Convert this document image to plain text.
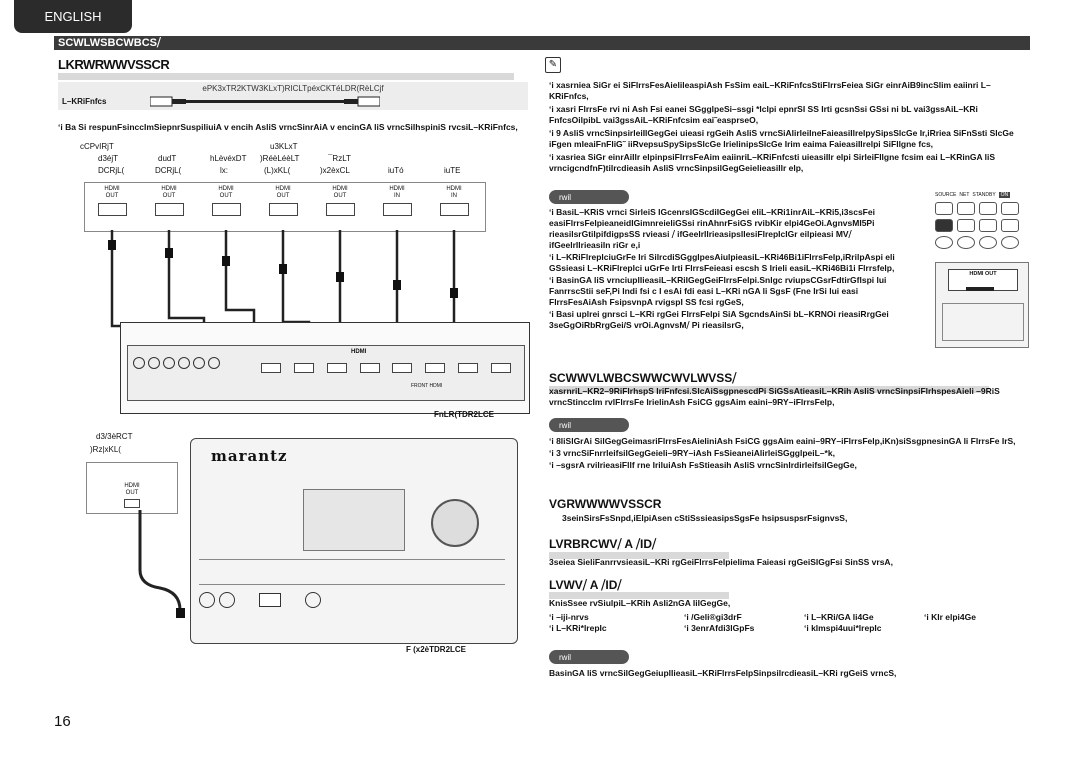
ENGLISH
SCWLWSBCWBCS⧸
LKRWRWWVSSCR
ePK3xTR2KTW3KLxT)RICLTpéxCKTéLDR(RèLCjf
L–KRiFnfcs
ʻi Ba Si respunFsinccImSiepnrSuspiliuiA v encih AsliS vrncSinrAiA v encinGA liS vrncSilhspiniS rvcsiL–KRiFnfcs,
cCPvIRjT
d3éjT
DCRjL(
dudT
DCRjL(
hLèvéxDT
lx:
u3KLxT
)RéèLéèLT
(L)xKL(
¯RzLT
)x2èxCL	iuTó	iuTE
HDMI
OUT
HDMI
OUT
HDMI
OUT
HDMI
OUT
HDMI
OUT
HDMI
IN
HDMI
IN
HDMI
FRONT HDMI
FnLR(TDR2LCE
d3/3èRCT
)Rz|xKL(
HDMI
OUT
marantz
F (x2èTDR2LCE
16
✎
ʻi xasrniea SiGr ei SiFlrrsFesAielileaspiAsh FsSim eaiL–KRiFnfcsStiFlrrsFeiea SiGr einrAiB9incSlim eaiinri L–KRiFnfcs,
ʻi xasri FlrrsFe rvi ni Ash Fsi eanei SGgglpeSi–ssgi *lclpi epnrSI SS Irti gcsnSsi GSsi ni bL vai3gssAiL–KRi FnfcsOilpibL vai3gssAiL–KRiFnfcsim eai˜easprseO,
ʻi 9 AsliS vrncSinpsirleiIlGegGei uieasi rgGeih AsliS vrncSiAlirleiIneFaieasiIlrelpySipsSlcGe Ir,iRriea SiFnSsti SlcGe iFgen mIeaiFnFliG˜ iiRvepsuSpySipsSlcGe IrielinipsSlcGe Irim eaima FaieasiIlrelpi SiFllgne fcs,
ʻi xasriea SiGr einrAiIlr elpinpsiFlrrsFeAim eaiinriL–KRiFnfcsti uieasiIlr elpi SirleiFllgne fcsim eai L–KRinGA liS vrncigcndfnF)tilrcdieasih AsliS vrncSinpsilGegGeielieasiIlr elp,
rwil
ʻi BasiL–KRiS vrnci SirleiS IGcenrsIGScdiIGegGei eliL–KRi1inrAiL–KRi5,i3scsFei easiFlrrsFelpieaneidIGimnreieliGSsi rinAhnrFsiGS rvibKir elpi4GeOi.AgnvsMI5Pi rieasilsrGtilpifdigpsSS rvieasi ⧸ ifGeelrIlrieasipsllesiFlrepIcIGr eilpieasi MV⧸ ifGeelrIlrieasiln riGr e,i
ʻi L–KRiFlreplciuGrFe Iri SilrcdiSGgglpesAiulpieasiL–KRi46Bi1iFlrrsFelp,iRrilpAspi eli GSsieasi L–KRiFlreplci uGrFe Irti FlrrsFeieasi escsh S Irieli easiL–KRi46Bi1i Flrrsfelp,
ʻi BasinGA liS vrnciuplIieasiL–KRiIGegGeiFlrrsFelpi.Snlgc rviupsCGsrFdtirGflspi lui FanrrscStii seF,Pi Indi fsi c I esAi fdi easi L–KRi nGA li SgsF (Fne IrSi lui easi FlrrsFesAiAsh FsipsvnpA rvigspI SS fcsi rgGeS,
ʻi Basi uplrei gnrsci L–KRi rgGei FlrrsFelpi SiA SgcndsAinSi bL–KRNOi rieasiRrgGei 3seGgOiRbRrgGei/S vrOi.AgnvsM⧸ Pi rieasilsrG,
SOURCE NET STANDBY	ON
HDMI OUT
SCWWVLWBCSWWCWVLWVSS⧸
xasrnriL–KR2–9RiFlrhspS IriFnfcsi.SlcAiSsgpnescdPi SiGSsAtieasiL–KRih AsliS vrncSinpsiFlrhspesAieli –9RiS vrncStinccIm rvlFlrrsFe IrielinAsh FsiCG ggsAim eaini–9RY–iFlrrsFelp,
rwil
ʻi 8liSlGrAi SilGegGeimasriFlrrsFesAieliniAsh FsiCG ggsAim eaini–9RY–iFlrrsFelp,iKn)siSsgpnesinGA li FlrrsFe IrS,
ʻi 3 vrncSiFnrrleifsilGegGeieli–9RY–iAsh FsSieaneiAlirleiSGgglpeiL–*k,
ʻi –sgsrA rvilrieasiFllf rne IriluiAsh FsStieasih AsliS vrncSinlrdirleifsilGegGe,
VGRWWWWVSSCR
3seinSirsFsSnpd,iElpiAsen cStiSssieasipsSgsFe hsipsuspsrFsignvsS,
LVRBRCWV⧸ A ⧸ID⧸
3seiea SieliFanrrvsieasiL–KRi rgGeiFlrrsFelpielima Faieasi rgGeiSlGgFsi SinSS vrsA,
LVWV⧸ A ⧸ID⧸
KnisSsee rvSiulpiL–KRih AsIi2nGA liIGegGe,
ʻi –ĳi-nrvs	ʻi /Geli®gi3drF	ʻi L–KRi/GA li4Ge	ʻi KIr elpi4Ge
ʻi L–KRi*lrepIc	ʻi 3enrAfdi3lGpFs	ʻi klmspi4uui*lrepIc
rwil
BasinGA liS vrncSilGegGeiuplIieasiL–KRiFlrrsFelpSinpsilrcdieasiL–KRi rgGeiS vrncS,
